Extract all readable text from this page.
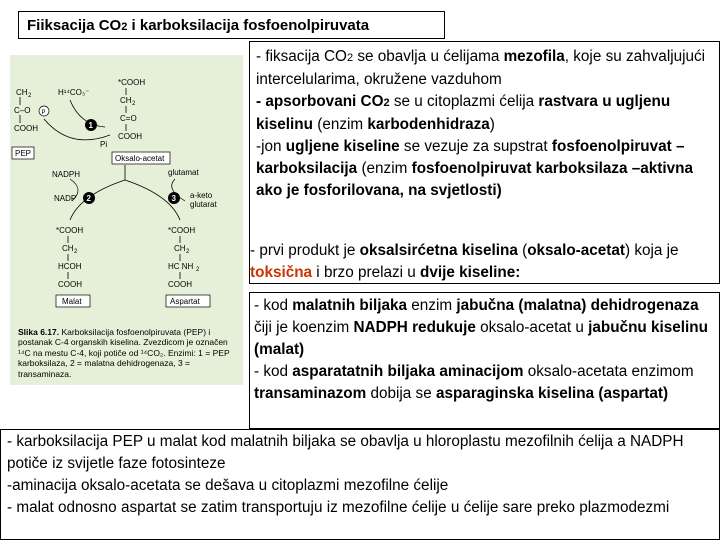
Fiiksacija CO2 i karboksilacija fosfoenolpiruvata
CH 2
C–O
COOH
P
H¹⁴CO₃⁻
*COOH
CH 2
C=O
COOH
1
Pi
PEP
Oksalo-acetat
NADPH
NADP
glutamat
a-keto
glutarat
2	3
*COOH
CH 2
HCOH
COOH
Malat
*COOH
CH 2
HC NH 2
COOH
Aspartat
Slika 6.17. Karboksilacija fosfoenolpiruvata (PEP) i postanak C-4 organskih kiselina. Zvezdicom je označen ¹⁴C na mestu C-4, koji potiče od ¹⁴CO₂. Enzimi: 1 = PEP karboksilaza, 2 = malatna dehidrogenaza, 3 = transaminaza.

- fiksacija CO2 se obavlja u ćelijama mezofila, koje su zahvaljujući intercelularima, okružene vazduhom
- apsorbovani CO2 se u citoplazmi ćelija rastvara u ugljenu kiselinu (enzim karbodenhidraza)
-jon ugljene kiseline se vezuje za supstrat fosfoenolpiruvat –karboksilacija (enzim fosfoenolpiruvat karboksilaza –aktivna ako je fosforilovana, na svjetlosti)

- prvi produkt je oksalsirćetna kiselina (oksalo-acetat) koja je toksična i brzo prelazi u dvije kiseline:

- kod malatnih biljaka enzim jabučna (malatna) dehidrogenaza čiji je koenzim NADPH redukuje oksalo-acetat u jabučnu kiselinu (malat)
- kod asparatatnih biljaka aminacijom oksalo-acetata enzimom transaminazom dobija se asparaginska kiselina (aspartat)

- karboksilacija PEP u malat kod malatnih biljaka se obavlja u hloroplastu mezofilnih ćelija a NADPH potiče iz svijetle faze fotosinteze
-aminacija oksalo-acetata se dešava u citoplazmi mezofilne ćelije
- malat odnosno aspartat se zatim transportuju iz mezofilne ćelije u ćelije sare preko plazmodezmi
